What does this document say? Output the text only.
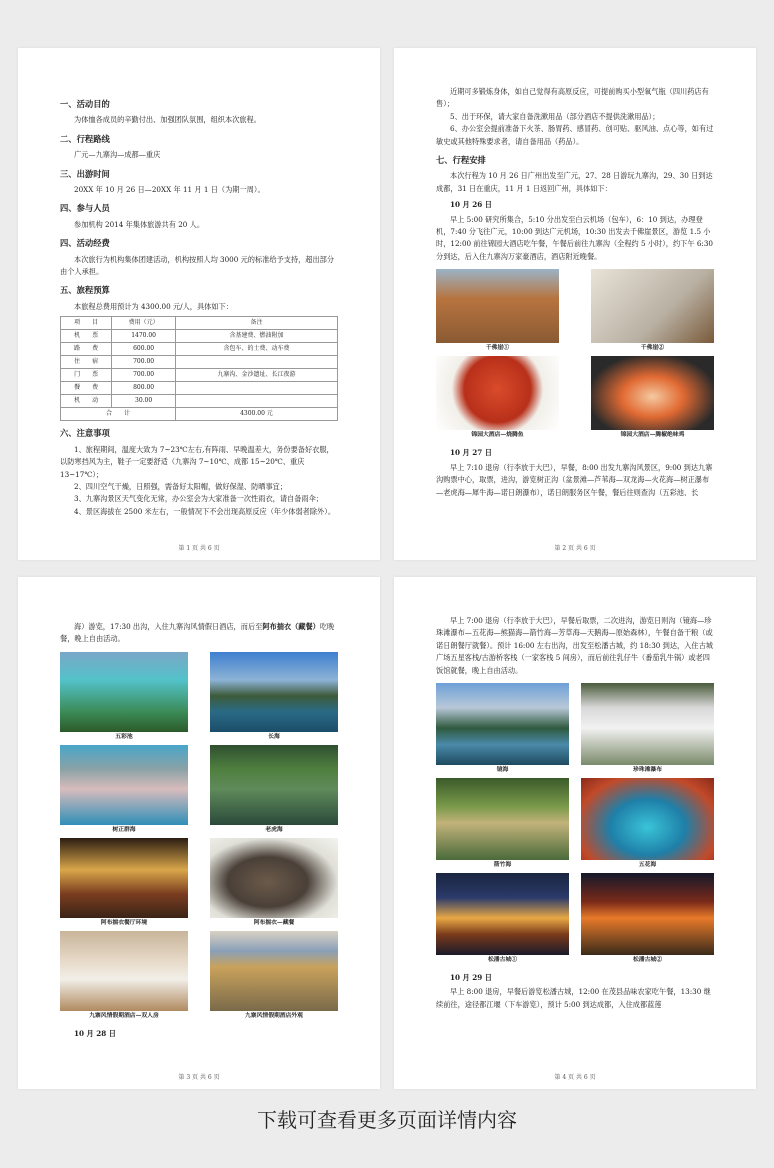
一、活动目的

为体恤各成员的辛勤付出、加强团队氛围，组织本次旅程。

二、行程路线

广元—九寨沟—成都—重庆

三、出游时间

20XX 年 10 月 26 日—20XX 年 11 月 1 日（为期一周）。

四、参与人员

参加机构 2014 年集体旅游共有 20 人。

四、活动经费

本次旅行为机构集体团建活动，机构按照人均 3000 元的标准给予支持，超出部分由个人承担。

五、旅程预算

本旅程总费用预计为 4300.00 元/人，具体如下：

项　　目	费用（元）	备注
机　　票	1470.00	含基建费、燃油附加
路　　费	600.00	含包车、的士费、动车费
住　　宿	700.00	
门　　票	700.00	九寨沟、金沙遗址、长江夜游
餐　　费	800.00	
机　　动	30.00	
合　　计		4300.00 元
六、注意事项

1、旅程期间，温度大致为 7~23℃左右,有阵雨、早晚温差大，务份要备好衣服，以防寒挡风为主，鞋子一定要舒适（九寨沟 7~10℃、成都 15~20℃、重庆 13~17℃）；

2、四川空气干燥，日照强，需备好太阳帽，做好保湿、防晒事宜；

3、九寨沟景区天气变化无常，办公室会为大家准备一次性雨衣，请自备雨伞；

4、景区海拔在 2500 米左右，一般情况下不会出现高原反应（年少体弱者除外）。

第 1 页 共 6 页

近期可多锻炼身体，如自己觉得有高原反应，可提前购买小型氧气瓶（四川药店有售）；

5、出于环保，请大家自备洗漱用品（部分酒店不提供洗漱用品）；

6、办公室会提前准备下火茶、肠胃药、感冒药、创可贴、驱风油、点心等，如有过敏史或其他特殊要求者，请自备用品（药品）。

七、行程安排

本次行程为 10 月 26 日广州出发至广元，27、28 日游玩九寨沟，29、30 日到达成都，31 日在重庆，11 月 1 日返回广州，具体如下：

10 月 26 日

早上 5:00 研究所集合，5:10 分出发至白云机场（包车），6：10 到达，办理登机，7:40 分飞往广元，10:00 到达广元机场，10:30 出发去千佛崖景区，游览 1.5 小时，12:00 前往锦园大酒店吃午餐，午餐后前往九寨沟（全程约 5 小时），约下午 6:30 分到达，后入住九寨沟万家豪酒店，酒店附近晚餐。

千佛崖①	千佛崖②
锦园大酒店—烧腾鱼	锦园大酒店—腾椒绝味鸡
10 月 27 日

早上 7:10 退房（行李放于大巴），早餐，8:00 出发九寨沟风景区，9:00 到达九寨沟购票中心，取票，进沟，游览树正沟（盆景滩—芦苇海—双龙海—火花海—树正瀑布—老虎海—犀牛海—诺日朗瀑布），诺日朗服务区午餐，餐后往则查沟（五彩池、长

第 2 页 共 6 页

海）游览，17:30 出沟，入住九寨沟风情假日酒店，而后至阿布揣衣（藏餐）吃晚餐，晚上自由活动。

五彩池	长海
树正群海	老虎海
阿布揣衣餐厅环境	阿布揣衣—藏餐
九寨风情假期酒店—双人房	九寨风情假期酒店外观
10 月 28 日
第 3 页 共 6 页

早上 7:00 退房（行李放于大巴），早餐后取票，二次进沟，游览日则沟（镜海—珍珠滩瀑布—五花海—熊猫海—箭竹海—芳草海—天鹅海—原始森林），午餐自备干粮（或诺日朗餐厅就餐）。预计 16:00 左右出沟，出发至松潘古城，约 18:30 到达，入住古城广场五星客栈/古游桥客栈（一家客栈 5 间房），而后前往乳仔牛（番茄乳牛锅）或老四饭馆就餐，晚上自由活动。

镜海	珍珠滩瀑布
箭竹海	五花海
松潘古城①	松潘古城②
10 月 29 日

早上 8:00 退房，早餐后游览松潘古城，12:00 在茂县品味农家吃午餐，13:30 继续前往，途径都江堰（下车游览），预计 5:00 到达成都，入住成都蓝莲

第 4 页 共 6 页
下载可查看更多页面详情内容
